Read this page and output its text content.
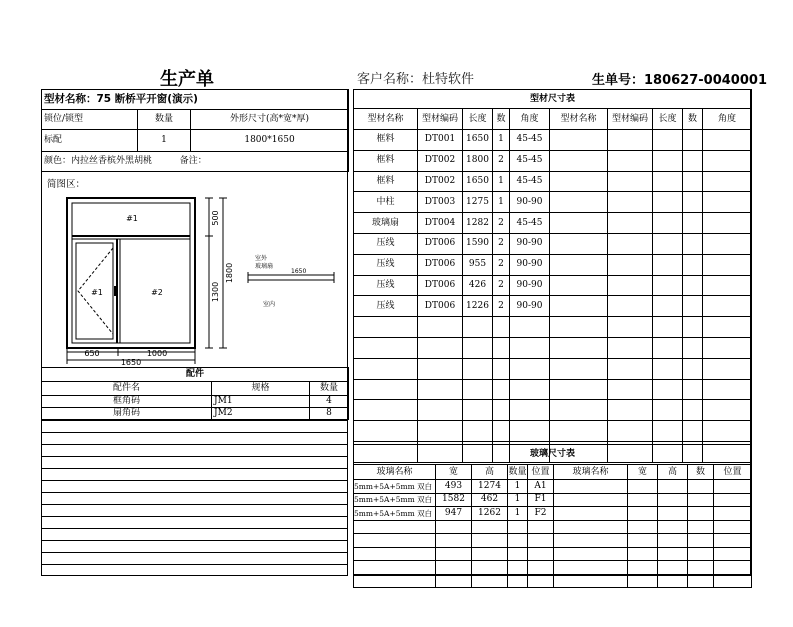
生产单	客户名称：杜特软件	生单号：180627-0040001
型材名称：75 断桥平开窗(演示)		
锁位/锁型	数量	外形尺寸(高*宽*厚)
标配	1	1800*1650
颜色：内拉丝香槟外黑胡桃 备注：		
简图区：
#1
#1	#2
500
1800
1300
650	1000
1650
室外
玻璃扇
1650
室内
配件		
配件名	规格	数量
框角码	JM1	4
扇角码	JM2	8
型材尺寸表									
型材名称	型材编码	长度	数	角度	型材名称	型材编码	长度	数	角度
框料	DT001	1650	1	45-45					
框料	DT002	1800	2	45-45					
框料	DT002	1650	1	45-45					
中柱	DT003	1275	1	90-90					
玻璃扇	DT004	1282	2	45-45					
压线	DT006	1590	2	90-90					
压线	DT006	955	2	90-90					
压线	DT006	426	2	90-90					
压线	DT006	1226	2	90-90					

玻璃尺寸表									
玻璃名称	宽	高	数量	位置	玻璃名称	宽	高	数	位置
5mm+5A+5mm 双白	493	1274	1	A1					
5mm+5A+5mm 双白	1582	462	1	F1					
5mm+5A+5mm 双白	947	1262	1	F2					
